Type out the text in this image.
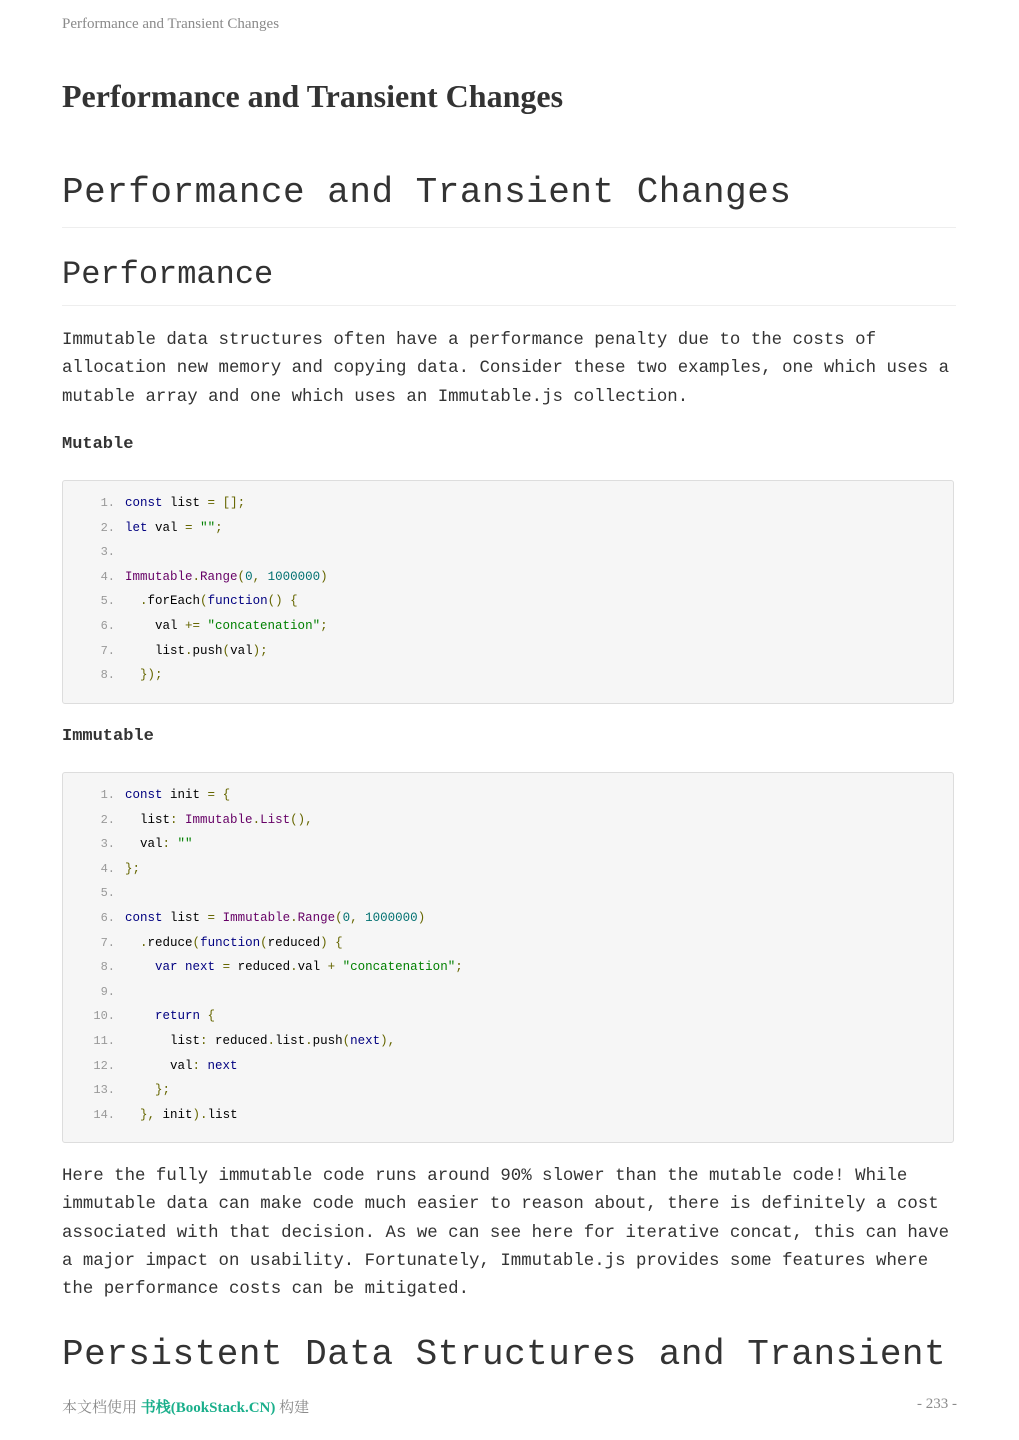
Performance and Transient Changes
Performance and Transient Changes
Performance and Transient Changes
Performance

Immutable data structures often have a performance penalty due to the costs of allocation new memory and copying data. Consider these two examples, one which uses a mutable array and one which uses an Immutable.js collection.

Mutable
1. const list = [];
2. let val = "";
3.
4. Immutable.Range(0, 1000000)
5.	.forEach(function() {
6. val += "concatenation";
7. list.push(val);
8.	});
Immutable
1. const init = {
2. list: Immutable.List(),
3. val: ""
4. };
5.
6. const list = Immutable.Range(0, 1000000)
7.	.reduce(function(reduced) {
8.	var next = reduced.val + "concatenation";
9.
10.	return {
11. list: reduced.list.push(next),
12. val: next
13.	};
14.	}, init).list

Here the fully immutable code runs around 90% slower than the mutable code! While immutable data can make code much easier to reason about, there is definitely a cost associated with that decision. As we can see here for iterative concat, this can have a major impact on usability. Fortunately, Immutable.js provides some features where the performance costs can be mitigated.

Persistent Data Structures and Transient
本文档使用 书栈(BookStack.CN) 构建	- 233 -
